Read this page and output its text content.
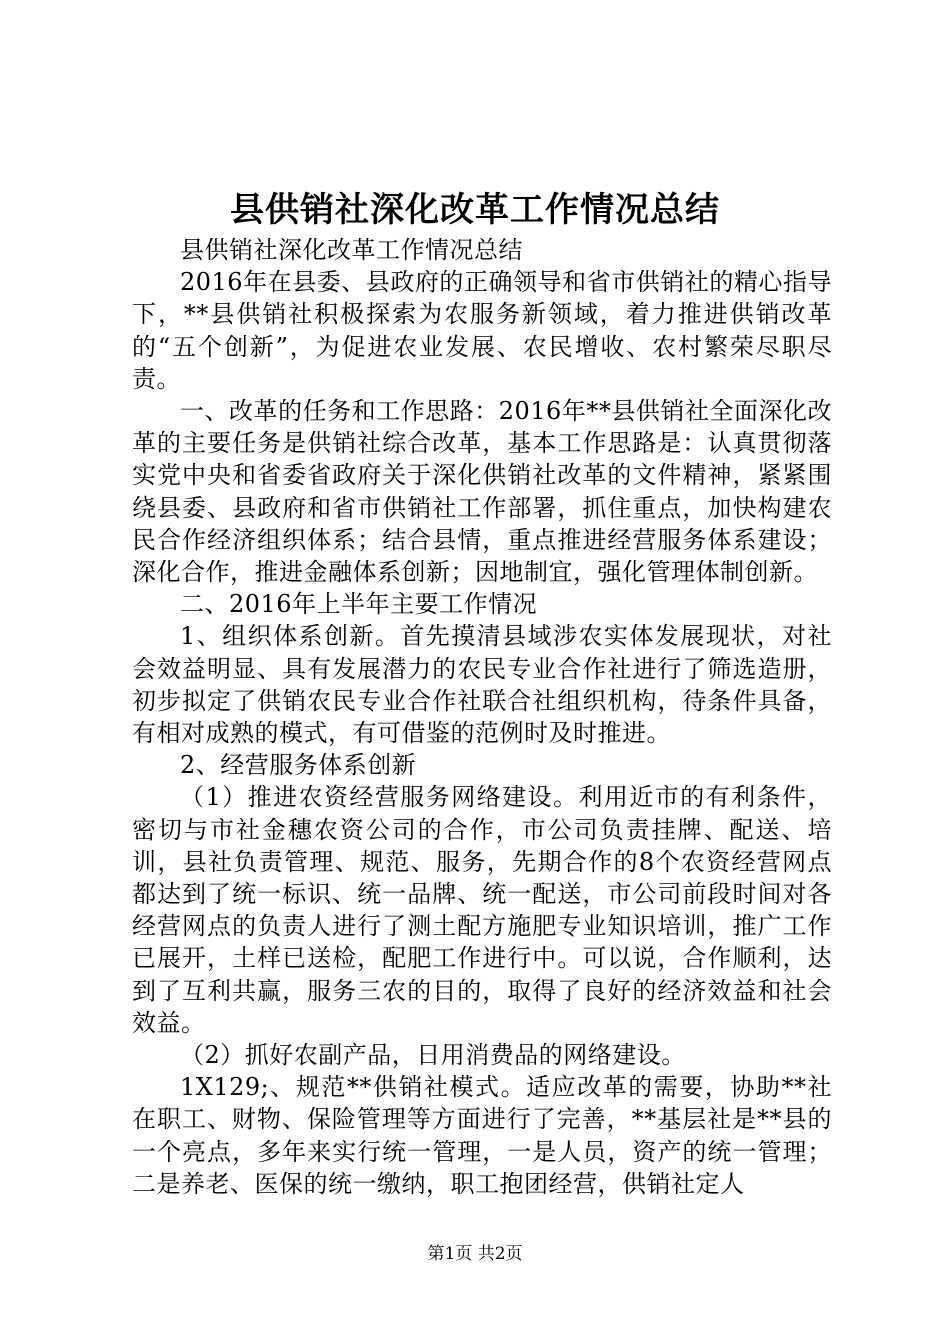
县供销社深化改革工作情况总结

县供销社深化改革工作情况总结

2016年在县委、县政府的正确领导和省市供销社的精心指导下，**县供销社积极探索为农服务新领域，着力推进供销改革的“五个创新”，为促进农业发展、农民增收、农村繁荣尽职尽责。

一、改革的任务和工作思路：2016年**县供销社全面深化改革的主要任务是供销社综合改革，基本工作思路是：认真贯彻落实党中央和省委省政府关于深化供销社改革的文件精神，紧紧围绕县委、县政府和省市供销社工作部署，抓住重点，加快构建农民合作经济组织体系；结合县情，重点推进经营服务体系建设；深化合作，推进金融体系创新；因地制宜，强化管理体制创新。

二、2016年上半年主要工作情况

1、组织体系创新。首先摸清县域涉农实体发展现状，对社会效益明显、具有发展潜力的农民专业合作社进行了筛选造册，初步拟定了供销农民专业合作社联合社组织机构，待条件具备，有相对成熟的模式，有可借鉴的范例时及时推进。

2、经营服务体系创新

（1）推进农资经营服务网络建设。利用近市的有利条件，密切与市社金穗农资公司的合作，市公司负责挂牌、配送、培训，县社负责管理、规范、服务，先期合作的8个农资经营网点都达到了统一标识、统一品牌、统一配送，市公司前段时间对各经营网点的负责人进行了测土配方施肥专业知识培训，推广工作已展开，土样已送检，配肥工作进行中。可以说，合作顺利，达到了互利共赢，服务三农的目的，取得了良好的经济效益和社会效益。

（2）抓好农副产品，日用消费品的网络建设。

1X129;、规范**供销社模式。适应改革的需要，协助**社在职工、财物、保险管理等方面进行了完善，**基层社是**县的一个亮点，多年来实行统一管理，一是人员，资产的统一管理；二是养老、医保的统一缴纳，职工抱团经营，供销社定人

第1页 共2页
